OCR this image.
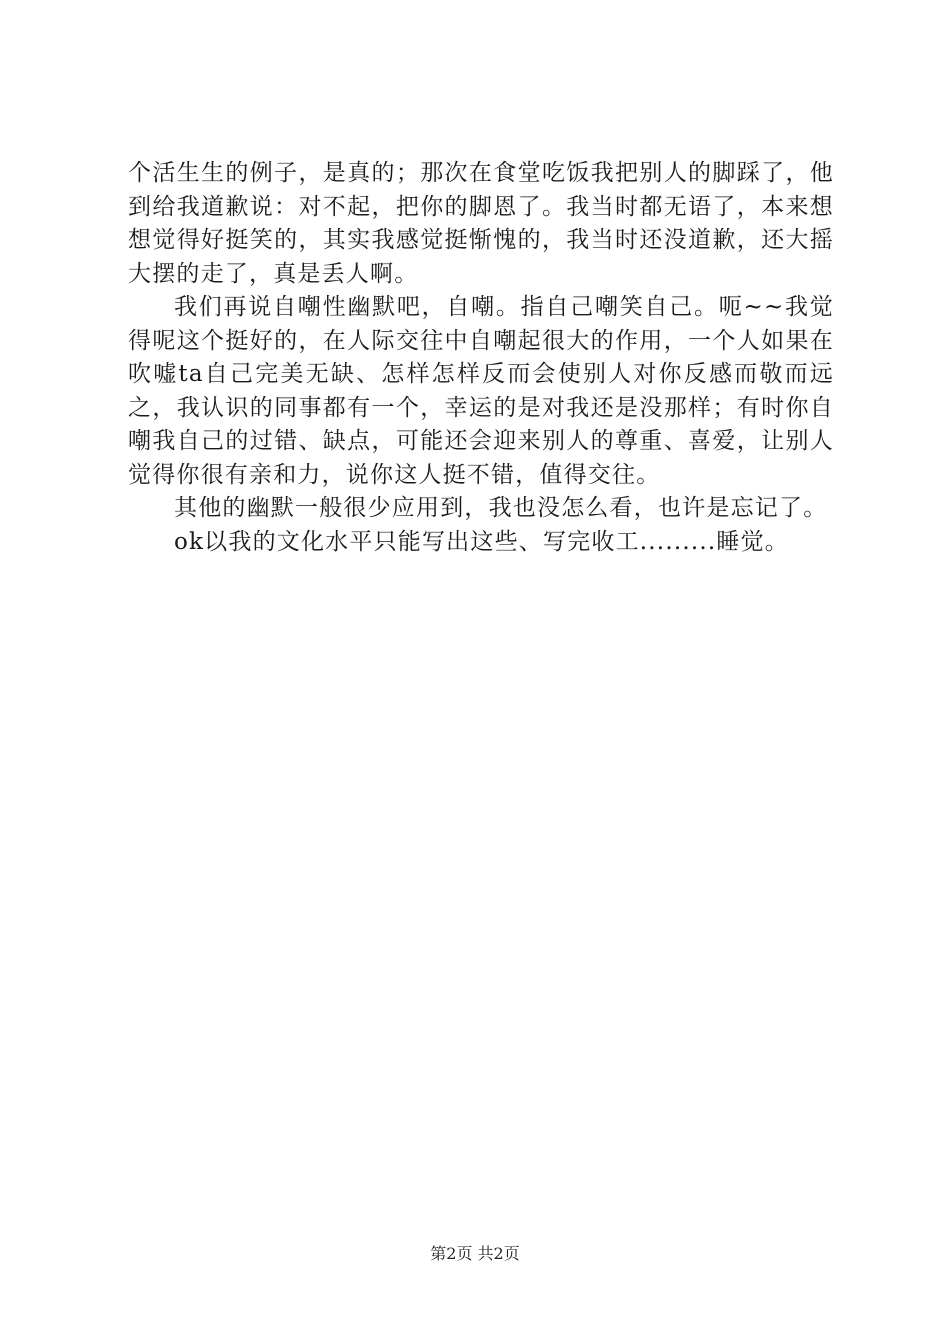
个活生生的例子，是真的；那次在食堂吃饭我把别人的脚踩了，他到给我道歉说：对不起，把你的脚恩了。我当时都无语了，本来想想觉得好挺笑的，其实我感觉挺惭愧的，我当时还没道歉，还大摇大摆的走了，真是丢人啊。

我们再说自嘲性幽默吧，自嘲。指自己嘲笑自己。呃~~我觉得呢这个挺好的，在人际交往中自嘲起很大的作用，一个人如果在吹嘘ta自己完美无缺、怎样怎样反而会使别人对你反感而敬而远之，我认识的同事都有一个，幸运的是对我还是没那样；有时你自嘲我自己的过错、缺点，可能还会迎来别人的尊重、喜爱，让别人觉得你很有亲和力，说你这人挺不错，值得交往。

其他的幽默一般很少应用到，我也没怎么看，也许是忘记了。

ok以我的文化水平只能写出这些、写完收工.........睡觉。

第2页 共2页
